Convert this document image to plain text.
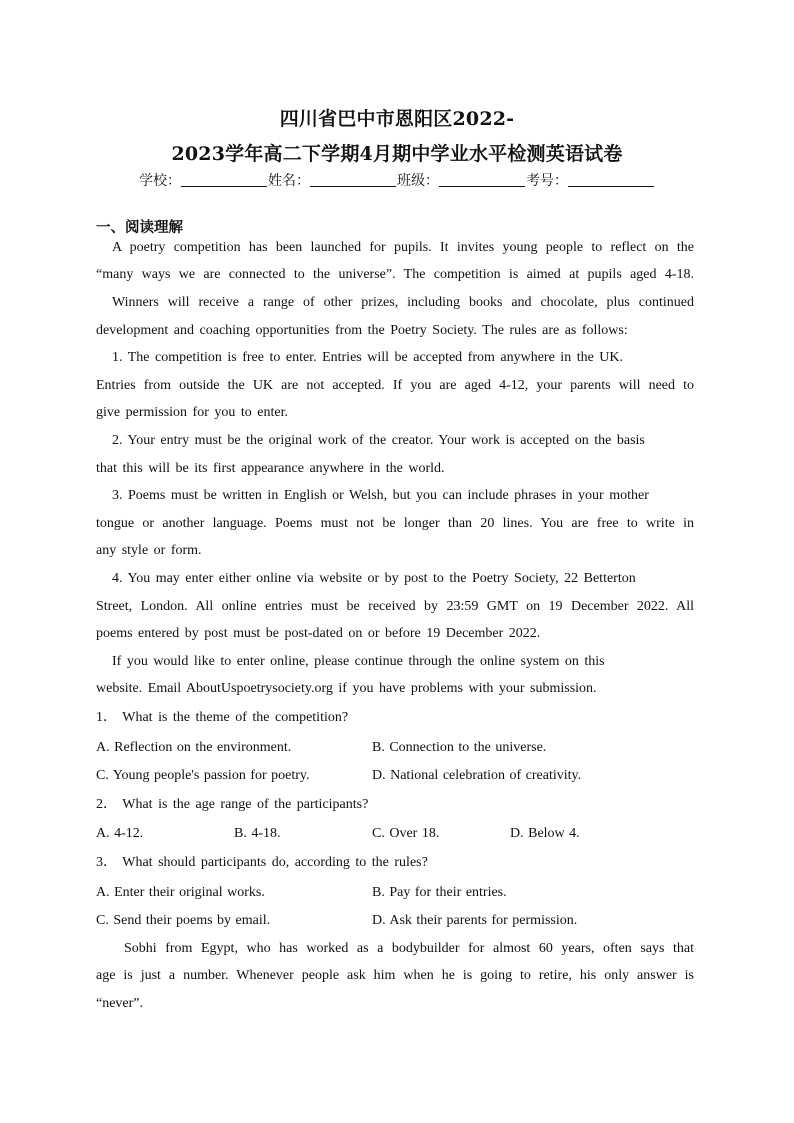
四川省巴中市恩阳区2022-
2023学年高二下学期4月期中学业水平检测英语试卷
学校：	姓名：	班级：	考号：
一、阅读理解
A poetry competition has been launched for pupils. It invites young people to reflect on the
“many ways we are connected to the universe”. The competition is aimed at pupils aged 4-18.
Winners will receive a range of other prizes, including books and chocolate, plus continued
development and coaching opportunities from the Poetry Society. The rules are as follows:
1. The competition is free to enter. Entries will be accepted from anywhere in the UK.
Entries from outside the UK are not accepted. If you are aged 4-12, your parents will need to
give permission for you to enter.
2. Your entry must be the original work of the creator. Your work is accepted on the basis
that this will be its first appearance anywhere in the world.
3. Poems must be written in English or Welsh, but you can include phrases in your mother
tongue or another language. Poems must not be longer than 20 lines. You are free to write in
any style or form.
4. You may enter either online via website or by post to the Poetry Society, 22 Betterton
Street, London. All online entries must be received by 23:59 GMT on 19 December 2022. All
poems entered by post must be post-dated on or before 19 December 2022.
If you would like to enter online, please continue through the online system on this
website. Email AboutUspoetrysociety.org if you have problems with your submission.
1． What is the theme of the competition?
A. Reflection on the environment.	B. Connection to the universe.
C. Young people's passion for poetry.	D. National celebration of creativity.
2． What is the age range of the participants?
A. 4-12.	B. 4-18.	C. Over 18.	D. Below 4.
3． What should participants do, according to the rules?
A. Enter their original works.	B. Pay for their entries.
C. Send their poems by email.	D. Ask their parents for permission.
Sobhi from Egypt, who has worked as a bodybuilder for almost 60 years, often says that
age is just a number. Whenever people ask him when he is going to retire, his only answer is
“never”.
